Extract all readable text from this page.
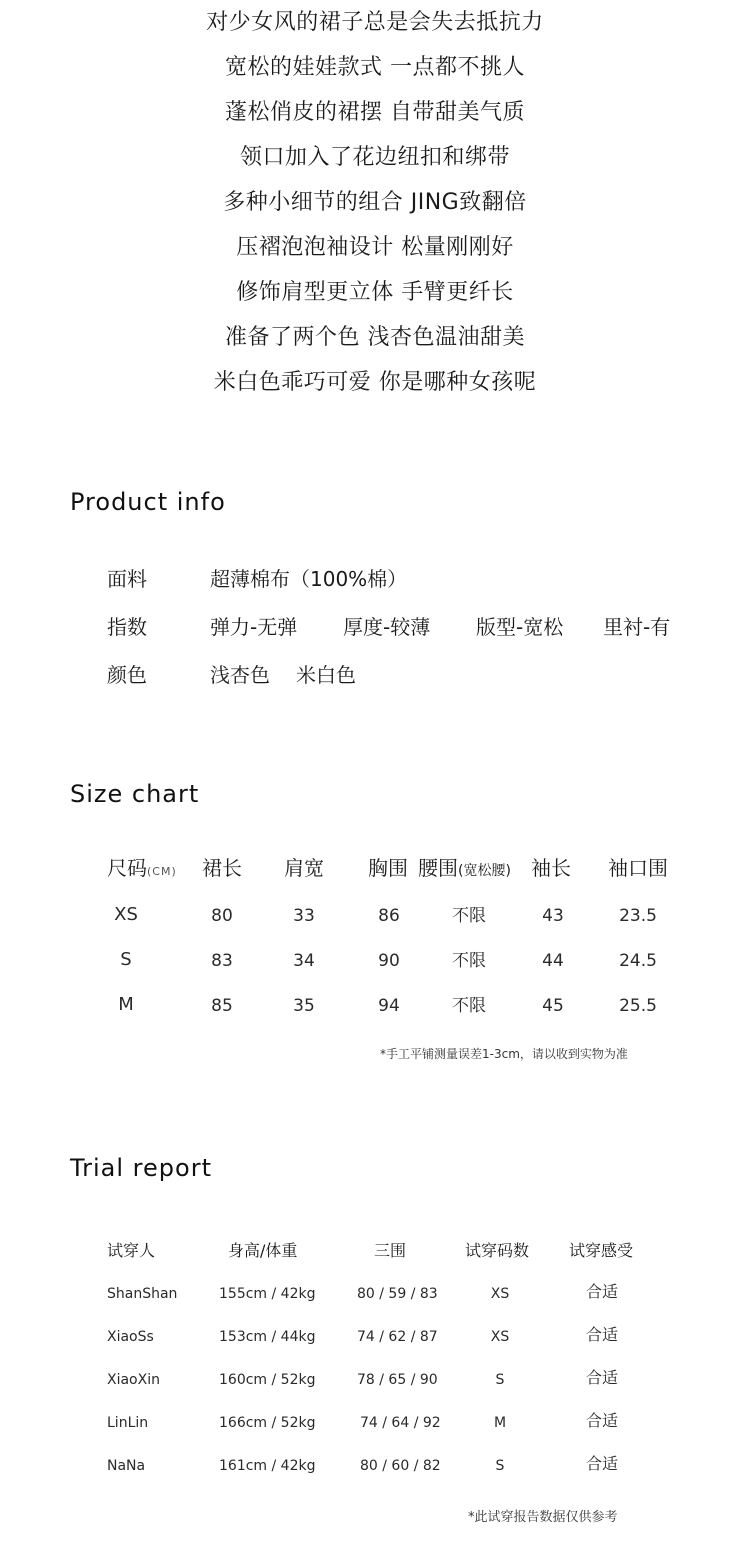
对少女风的裙子总是会失去抵抗力
宽松的娃娃款式 一点都不挑人
蓬松俏皮的裙摆 自带甜美气质
领口加入了花边纽扣和绑带
多种小细节的组合 JING致翻倍
压褶泡泡袖设计 松量刚刚好
修饰肩型更立体 手臂更纤长
准备了两个色 浅杏色温油甜美
米白色乖巧可爱 你是哪种女孩呢
Product info
面料	超薄棉布（100%棉）
指数	弹力-无弹 厚度-较薄 版型-宽松 里衬-有
颜色	浅杏色 米白色
Size chart
尺码(CM) 裙长 肩宽 胸围 腰围(宽松腰) 袖长 袖口围
XS	80	33	86	不限	43	23.5
S	83	34	90	不限	44	24.5
M	85	35	94	不限	45	25.5
*手工平铺测量误差1-3cm，请以收到实物为准
Trial report
试穿人	身高/体重	三围	试穿码数 试穿感受
ShanShan	155cm / 42kg	80 / 59 / 83	XS	合适
XiaoSs	153cm / 44kg	74 / 62 / 87	XS	合适
XiaoXin	160cm / 52kg	78 / 65 / 90	S	合适
LinLin	166cm / 52kg	74 / 64 / 92	M	合适
NaNa	161cm / 42kg	80 / 60 / 82	S	合适
*此试穿报告数据仅供参考
